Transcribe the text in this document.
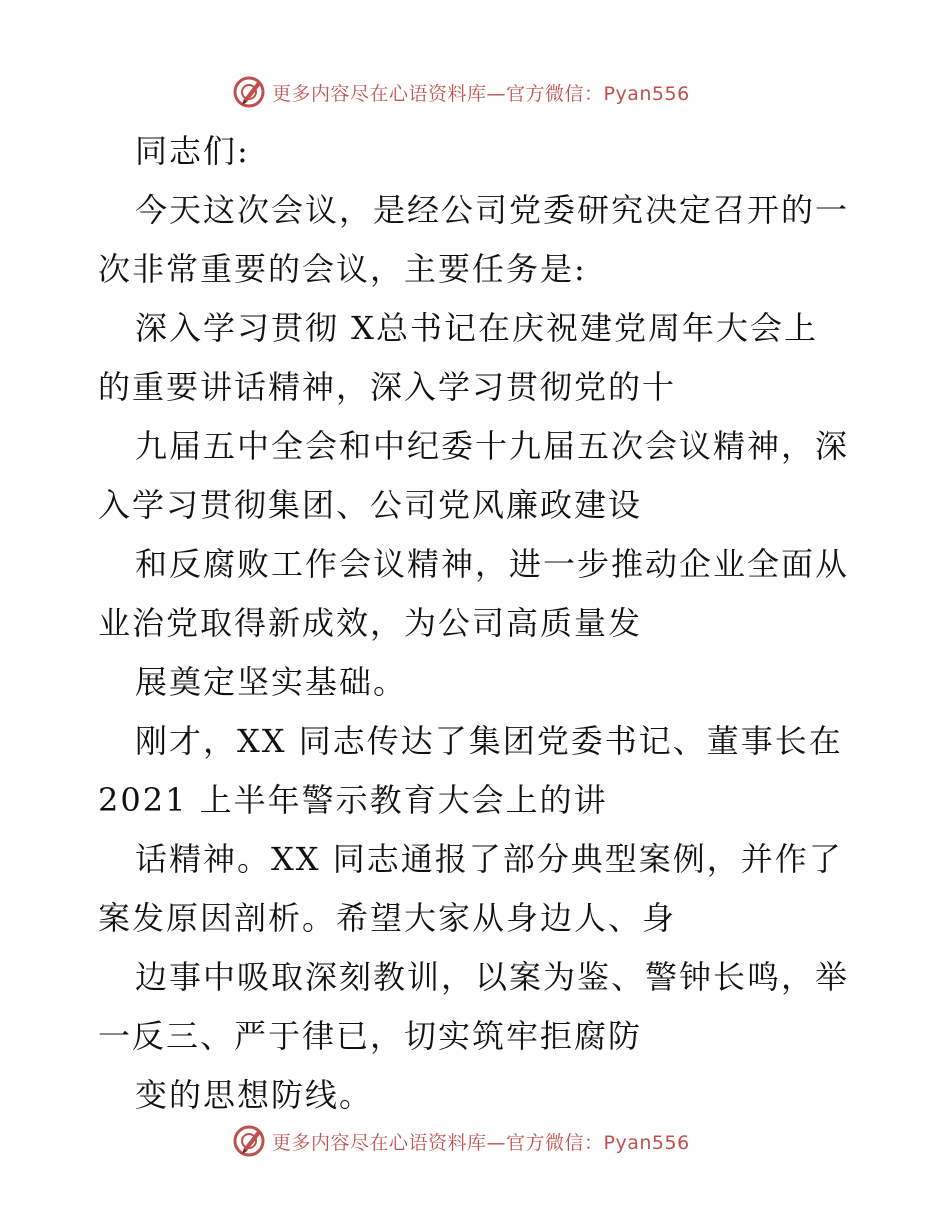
更多内容尽在心语资料库—官方微信：Pyan556
同志们:
今天这次会议，是经公司党委研究决定召开的一
次非常重要的会议，主要任务是:
深入学习贯彻 X总书记在庆祝建党周年大会上
的重要讲话精神，深入学习贯彻党的十
九届五中全会和中纪委十九届五次会议精神，深
入学习贯彻集团、公司党风廉政建设
和反腐败工作会议精神，进一步推动企业全面从
业治党取得新成效，为公司高质量发
展奠定坚实基础。
刚才，XX 同志传达了集团党委书记、董事长在
2021 上半年警示教育大会上的讲
话精神。XX 同志通报了部分典型案例，并作了
案发原因剖析。希望大家从身边人、身
边事中吸取深刻教训，以案为鉴、警钟长鸣，举
一反三、严于律已，切实筑牢拒腐防
变的思想防线。
更多内容尽在心语资料库—官方微信：Pyan556
